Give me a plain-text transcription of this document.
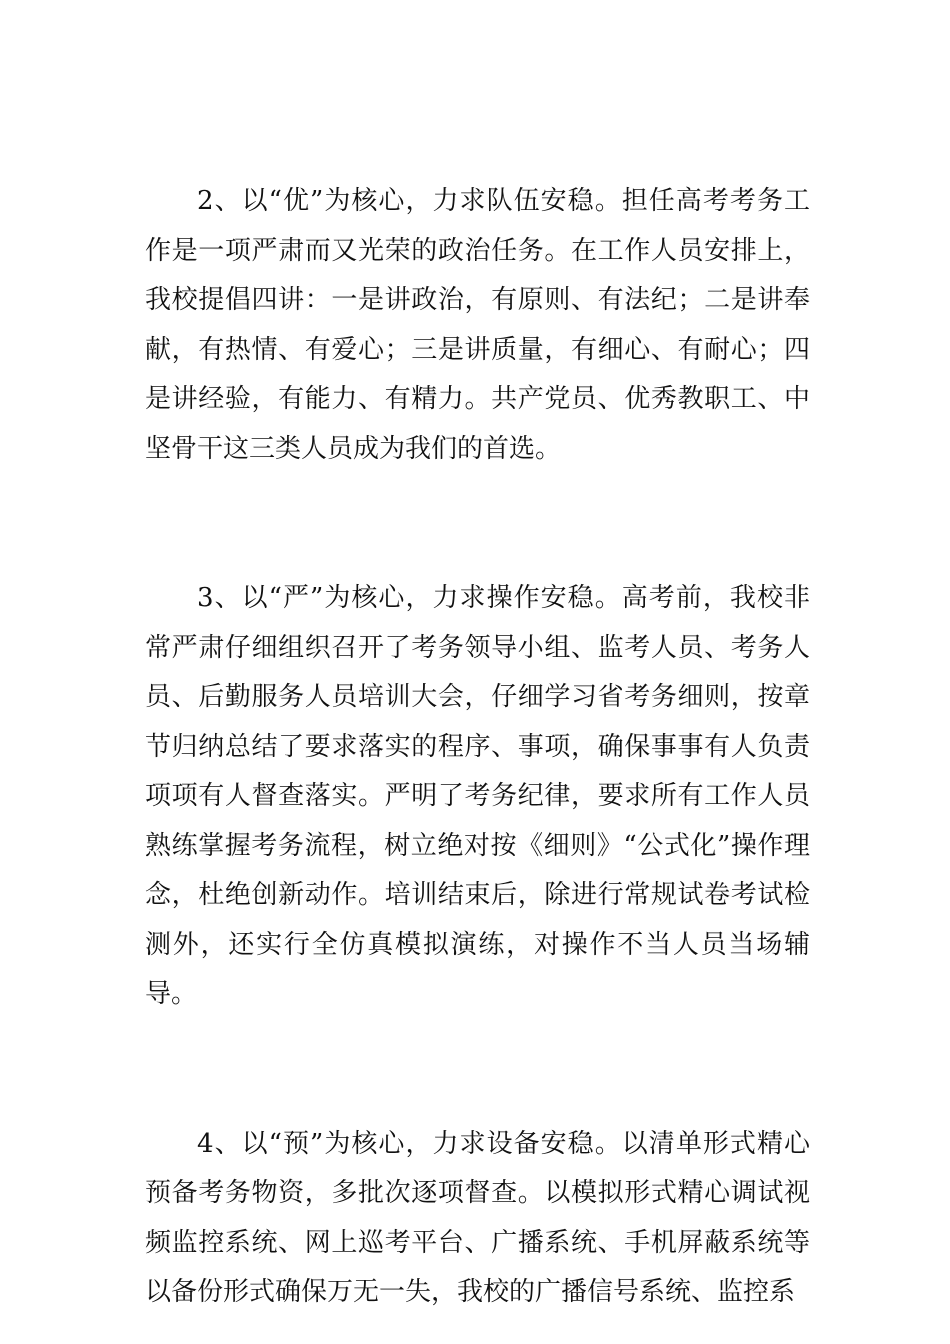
2、以“优”为核心，力求队伍安稳。担任高考考务工作是一项严肃而又光荣的政治任务。在工作人员安排上，我校提倡四讲：一是讲政治，有原则、有法纪；二是讲奉献，有热情、有爱心；三是讲质量，有细心、有耐心；四是讲经验，有能力、有精力。共产党员、优秀教职工、中坚骨干这三类人员成为我们的首选。

3、以“严”为核心，力求操作安稳。高考前，我校非常严肃仔细组织召开了考务领导小组、监考人员、考务人员、后勤服务人员培训大会，仔细学习省考务细则，按章节归纳总结了要求落实的程序、事项，确保事事有人负责项项有人督查落实。严明了考务纪律，要求所有工作人员熟练掌握考务流程，树立绝对按《细则》“公式化”操作理念，杜绝创新动作。培训结束后，除进行常规试卷考试检测外，还实行全仿真模拟演练，对操作不当人员当场辅导。

4、以“预”为核心，力求设备安稳。以清单形式精心预备考务物资，多批次逐项督查。以模拟形式精心调试视频监控系统、网上巡考平台、广播系统、手机屏蔽系统等以备份形式确保万无一失，我校的广播信号系统、监控系
